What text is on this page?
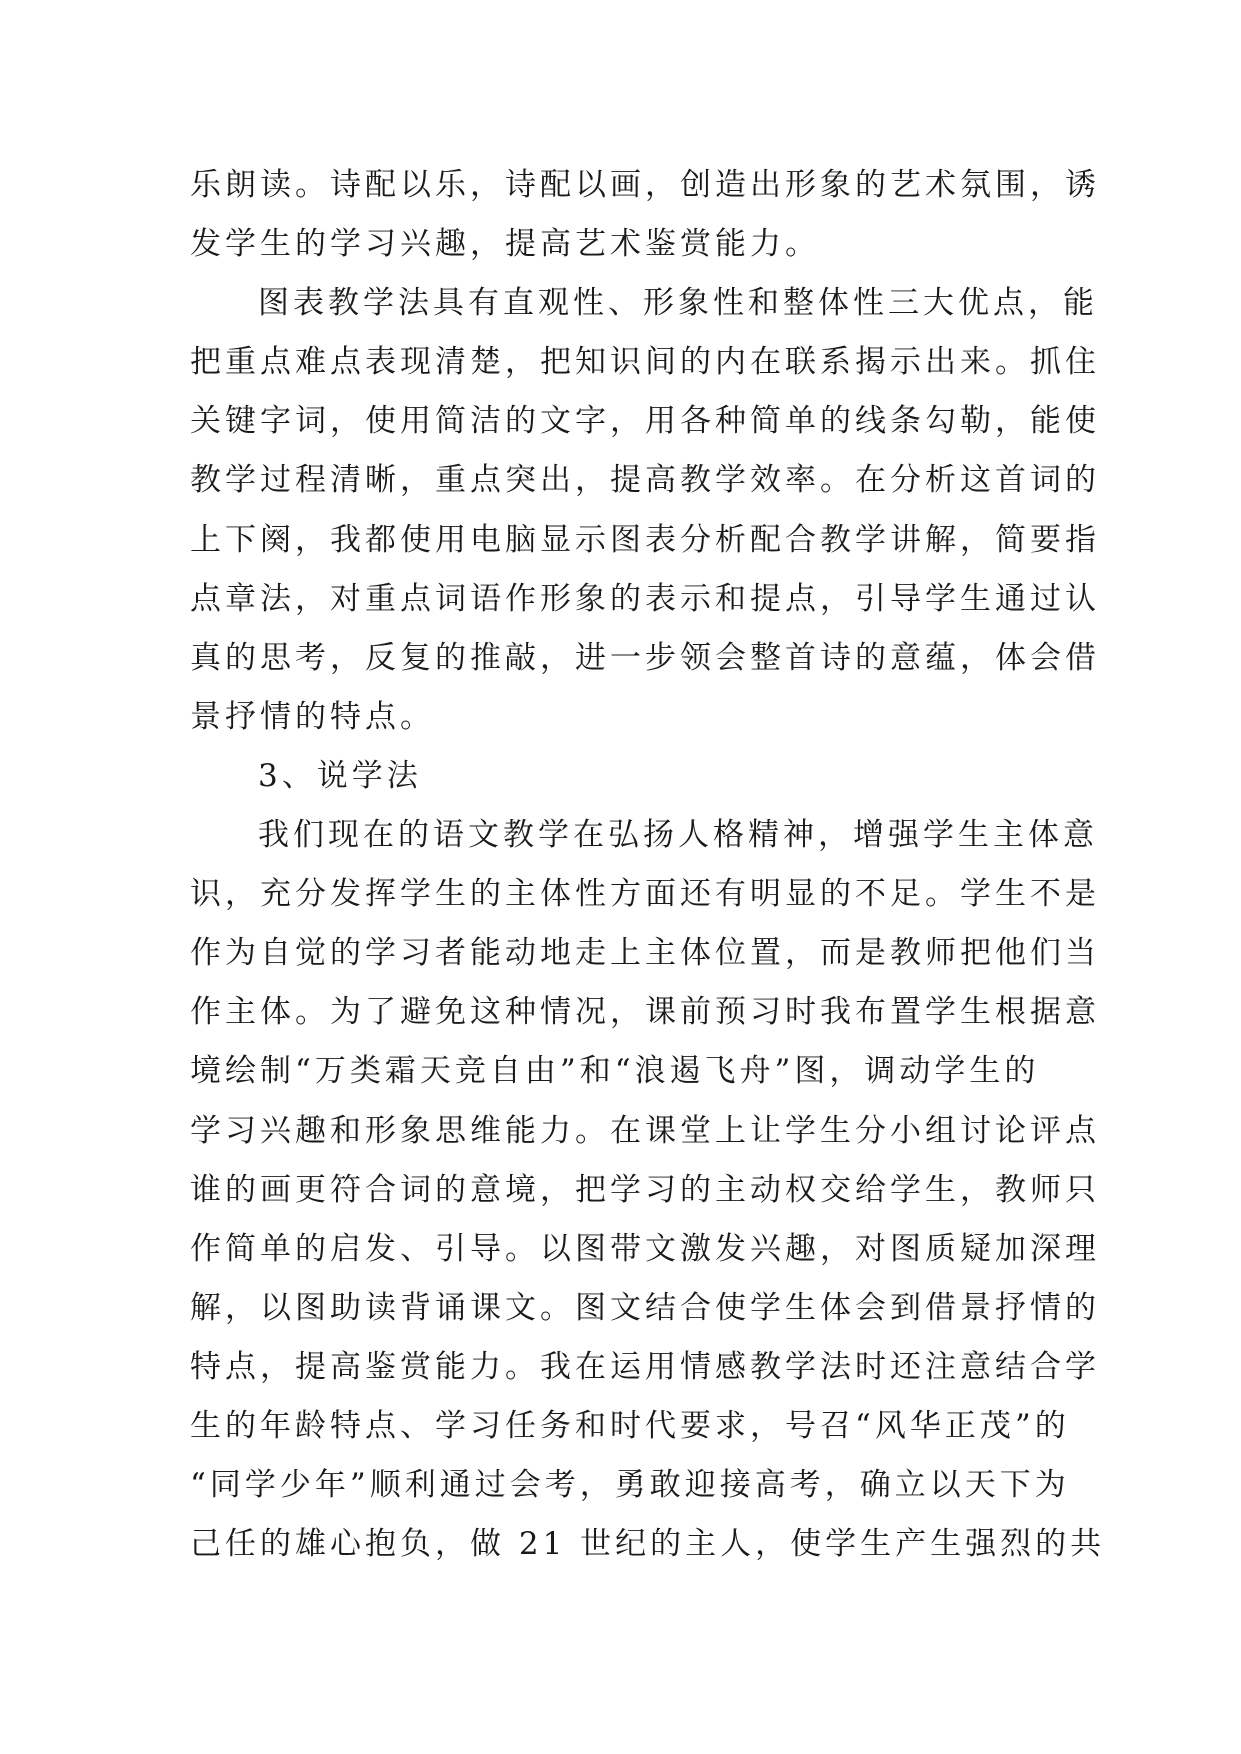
乐朗读。诗配以乐，诗配以画，创造出形象的艺术氛围，诱
发学生的学习兴趣，提高艺术鉴赏能力。
图表教学法具有直观性、形象性和整体性三大优点，能
把重点难点表现清楚，把知识间的内在联系揭示出来。抓住
关键字词，使用简洁的文字，用各种简单的线条勾勒，能使
教学过程清晰，重点突出，提高教学效率。在分析这首词的
上下阕，我都使用电脑显示图表分析配合教学讲解，简要指
点章法，对重点词语作形象的表示和提点，引导学生通过认
真的思考，反复的推敲，进一步领会整首诗的意蕴，体会借
景抒情的特点。
3、说学法
我们现在的语文教学在弘扬人格精神，增强学生主体意
识，充分发挥学生的主体性方面还有明显的不足。学生不是
作为自觉的学习者能动地走上主体位置，而是教师把他们当
作主体。为了避免这种情况，课前预习时我布置学生根据意
境绘制“万类霜天竞自由”和“浪遏飞舟”图，调动学生的
学习兴趣和形象思维能力。在课堂上让学生分小组讨论评点
谁的画更符合词的意境，把学习的主动权交给学生，教师只
作简单的启发、引导。以图带文激发兴趣，对图质疑加深理
解，以图助读背诵课文。图文结合使学生体会到借景抒情的
特点，提高鉴赏能力。我在运用情感教学法时还注意结合学
生的年龄特点、学习任务和时代要求，号召“风华正茂”的
“同学少年”顺利通过会考，勇敢迎接高考，确立以天下为
己任的雄心抱负，做 21 世纪的主人，使学生产生强烈的共
